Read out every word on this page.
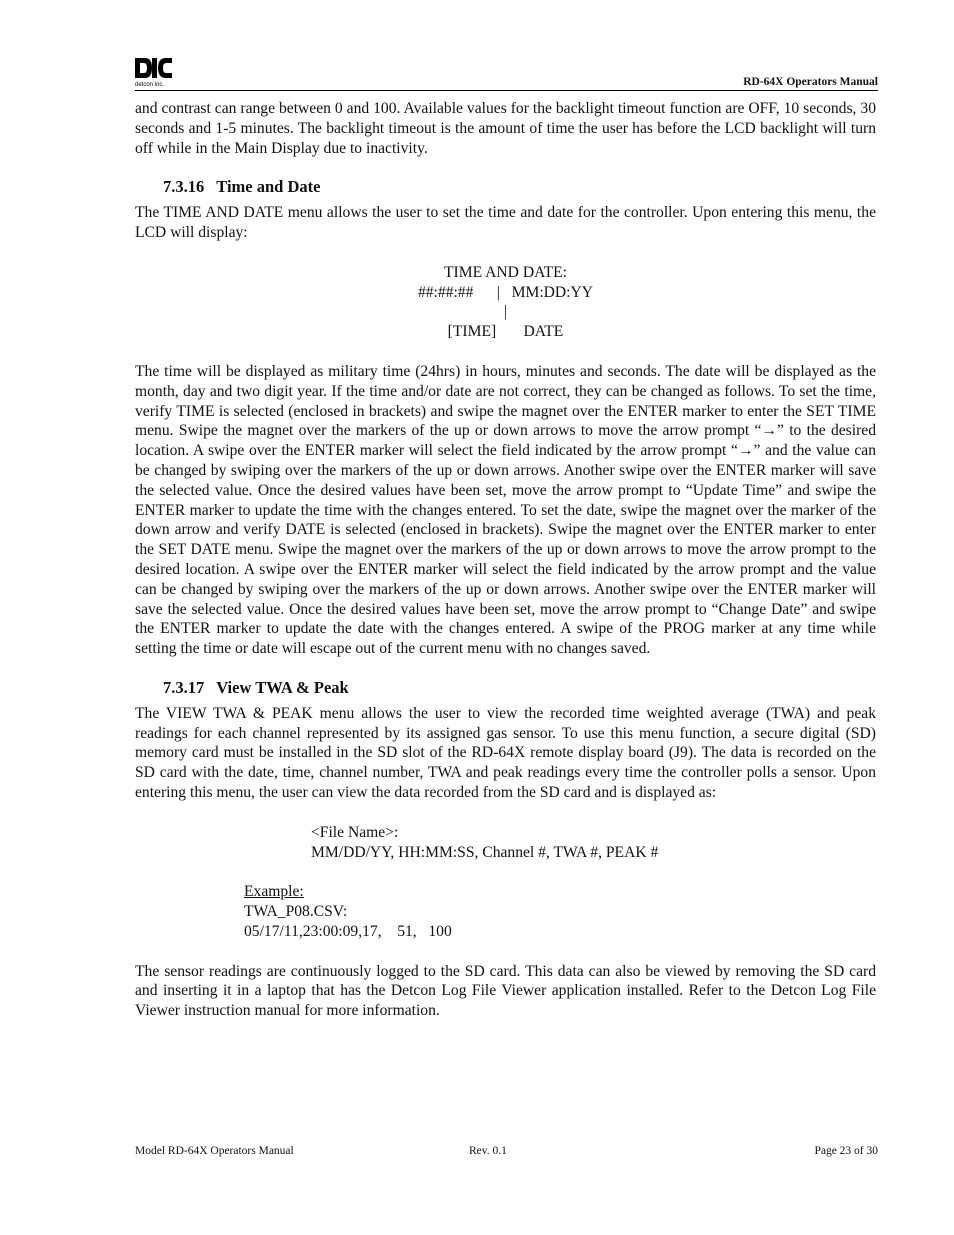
detcon inc.	RD-64X Operators Manual

and contrast can range between 0 and 100. Available values for the backlight timeout function are OFF, 10 seconds, 30 seconds and 1-5 minutes. The backlight timeout is the amount of time the user has before the LCD backlight will turn off while in the Main Display due to inactivity.

7.3.16 Time and Date

The TIME AND DATE menu allows the user to set the time and date for the controller. Upon entering this menu, the LCD will display:

TIME AND DATE:
##:##:##      |   MM:DD:YY
|
[TIME]       DATE

The time will be displayed as military time (24hrs) in hours, minutes and seconds. The date will be displayed as the month, day and two digit year. If the time and/or date are not correct, they can be changed as follows. To set the time, verify TIME is selected (enclosed in brackets) and swipe the magnet over the ENTER marker to enter the SET TIME menu. Swipe the magnet over the markers of the up or down arrows to move the arrow prompt “→” to the desired location. A swipe over the ENTER marker will select the field indicated by the arrow prompt “→” and the value can be changed by swiping over the markers of the up or down arrows. Another swipe over the ENTER marker will save the selected value. Once the desired values have been set, move the arrow prompt to “Update Time” and swipe the ENTER marker to update the time with the changes entered. To set the date, swipe the magnet over the marker of the down arrow and verify DATE is selected (enclosed in brackets). Swipe the magnet over the ENTER marker to enter the SET DATE menu. Swipe the magnet over the markers of the up or down arrows to move the arrow prompt to the desired location. A swipe over the ENTER marker will select the field indicated by the arrow prompt and the value can be changed by swiping over the markers of the up or down arrows. Another swipe over the ENTER marker will save the selected value. Once the desired values have been set, move the arrow prompt to “Change Date” and swipe the ENTER marker to update the date with the changes entered. A swipe of the PROG marker at any time while setting the time or date will escape out of the current menu with no changes saved.

7.3.17 View TWA & Peak

The VIEW TWA & PEAK menu allows the user to view the recorded time weighted average (TWA) and peak readings for each channel represented by its assigned gas sensor. To use this menu function, a secure digital (SD) memory card must be installed in the SD slot of the RD-64X remote display board (J9). The data is recorded on the SD card with the date, time, channel number, TWA and peak readings every time the controller polls a sensor. Upon entering this menu, the user can view the data recorded from the SD card and is displayed as:

<File Name>:
MM/DD/YY, HH:MM:SS, Channel #, TWA #, PEAK #
Example:
TWA_P08.CSV:
05/17/11,23:00:09,17,    51,   100

The sensor readings are continuously logged to the SD card. This data can also be viewed by removing the SD card and inserting it in a laptop that has the Detcon Log File Viewer application installed. Refer to the Detcon Log File Viewer instruction manual for more information.

Model RD-64X Operators Manual	Rev. 0.1	Page 23 of 30
